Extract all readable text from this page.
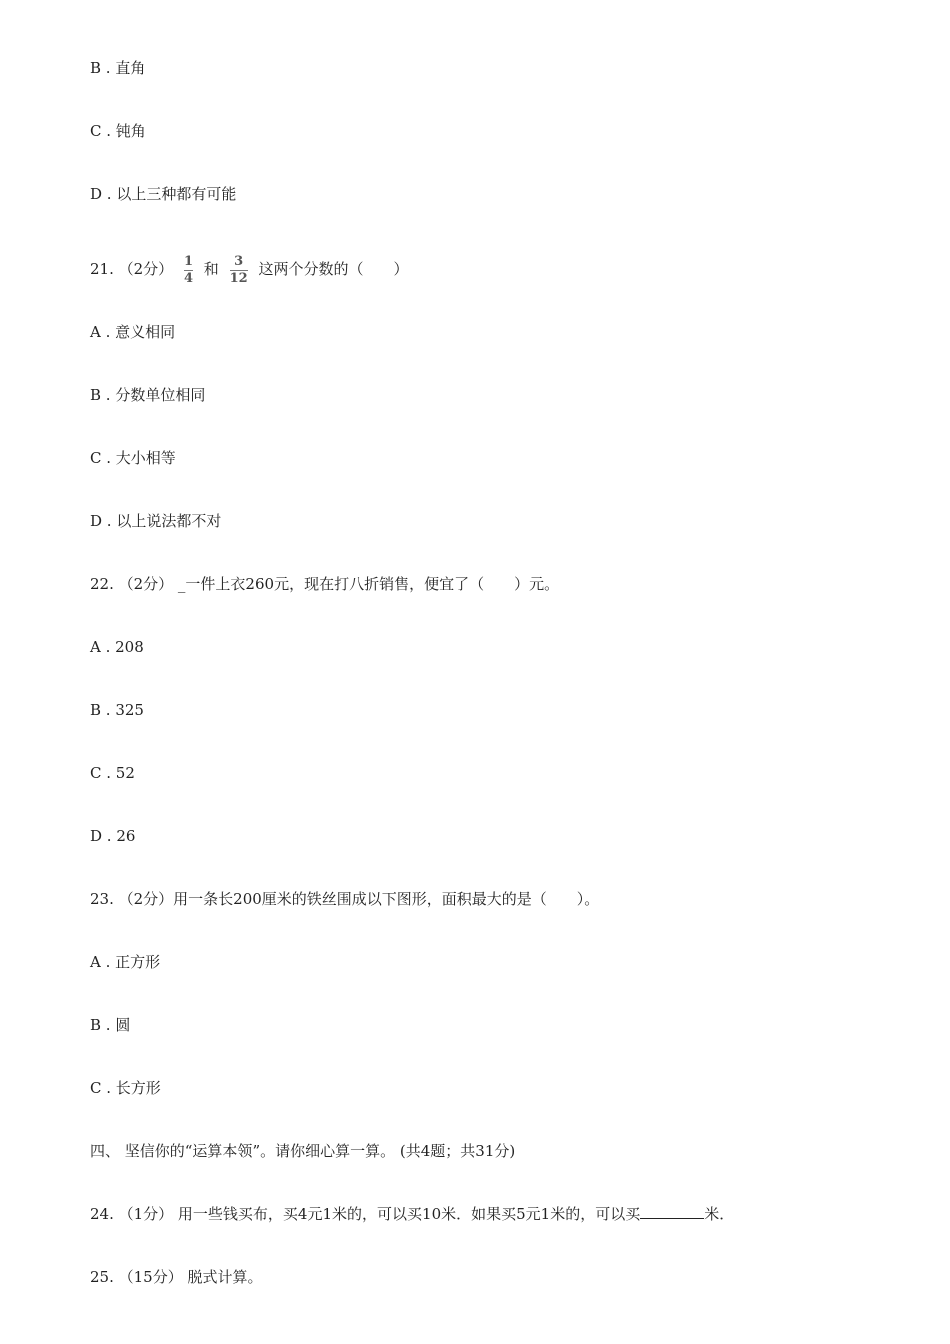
B . 直角
C . 钝角
D . 以上三种都有可能
21. （2分） $\frac{1}{4}$ 和 $\frac{3}{12}$ 这两个分数的（　　）
A . 意义相同
B . 分数单位相同
C . 大小相等
D . 以上说法都不对
22. （2分） _一件上衣260元，现在打八折销售，便宜了（　　）元。
A . 208
B . 325
C . 52
D . 26
23. （2分）用一条长200厘米的铁丝围成以下图形，面积最大的是（　　）。
A . 正方形
B . 圆
C . 长方形
四、 坚信你的“运算本领”。请你细心算一算。 (共4题；共31分)
24. （1分） 用一些钱买布，买4元1米的，可以买10米．如果买5元1米的，可以买	米．
25. （15分） 脱式计算。
